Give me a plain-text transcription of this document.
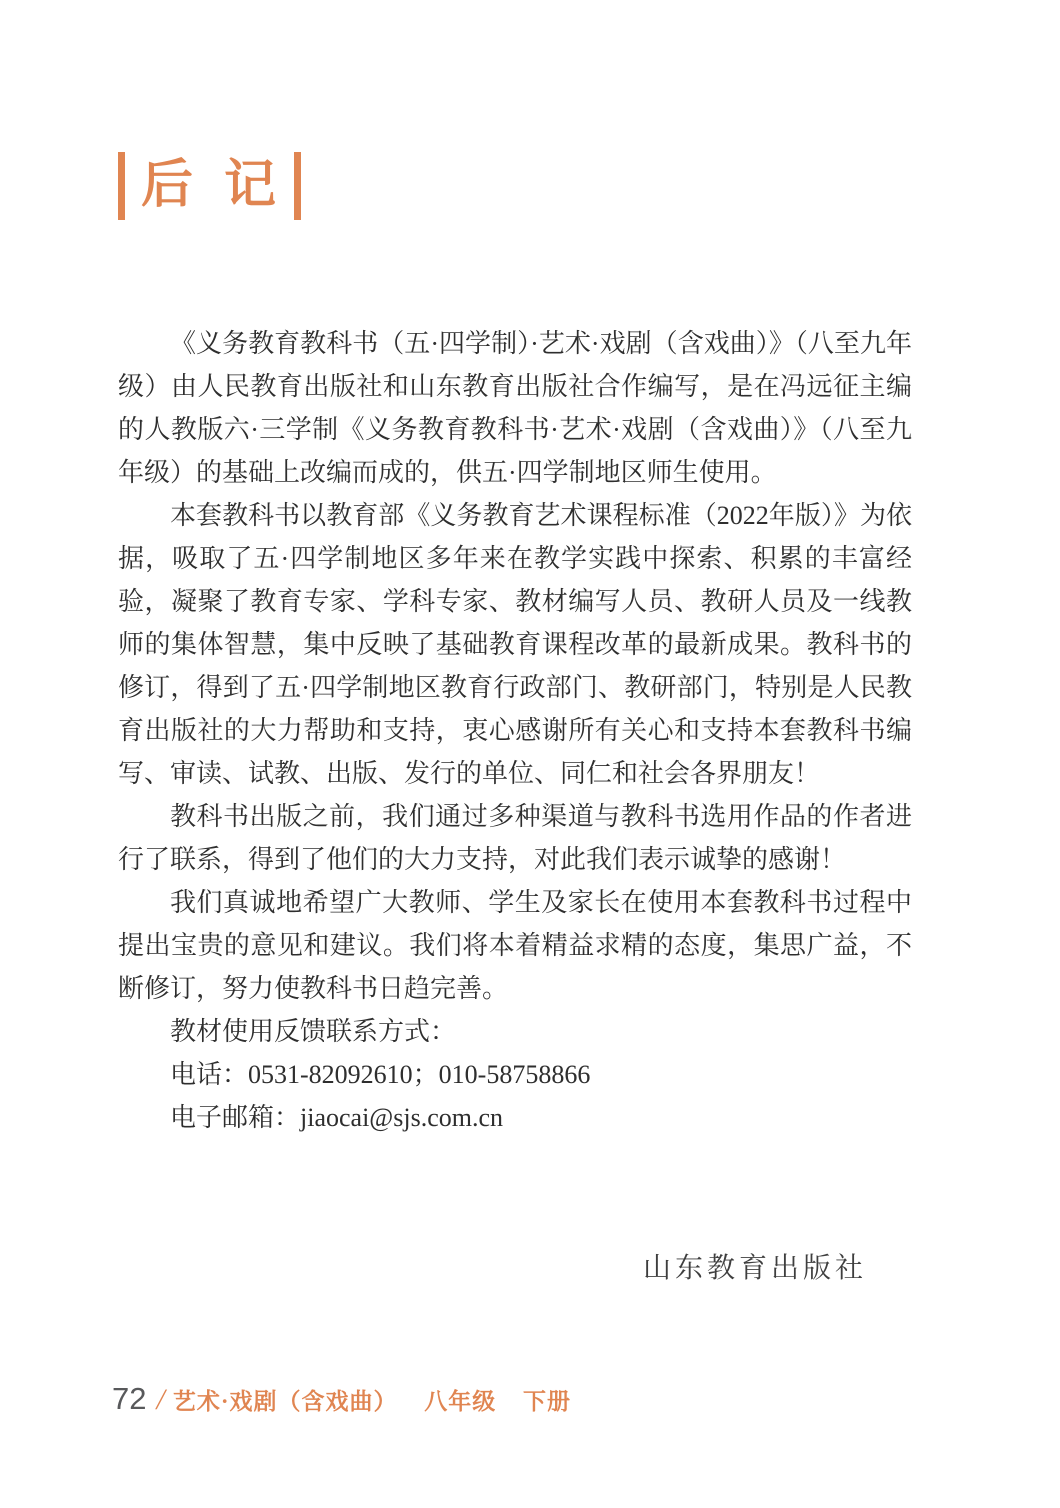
后 记

《义务教育教科书（五·四学制）·艺术·戏剧（含戏曲）》（八至九年级）由人民教育出版社和山东教育出版社合作编写，是在冯远征主编的人教版六·三学制《义务教育教科书·艺术·戏剧（含戏曲）》（八至九年级）的基础上改编而成的，供五·四学制地区师生使用。

本套教科书以教育部《义务教育艺术课程标准（2022年版）》为依据，吸取了五·四学制地区多年来在教学实践中探索、积累的丰富经验，凝聚了教育专家、学科专家、教材编写人员、教研人员及一线教师的集体智慧，集中反映了基础教育课程改革的最新成果。教科书的修订，得到了五·四学制地区教育行政部门、教研部门，特别是人民教育出版社的大力帮助和支持，衷心感谢所有关心和支持本套教科书编写、审读、试教、出版、发行的单位、同仁和社会各界朋友！

教科书出版之前，我们通过多种渠道与教科书选用作品的作者进行了联系，得到了他们的大力支持，对此我们表示诚挚的感谢！

我们真诚地希望广大教师、学生及家长在使用本套教科书过程中提出宝贵的意见和建议。我们将本着精益求精的态度，集思广益，不断修订，努力使教科书日趋完善。

教材使用反馈联系方式：

电话：0531-82092610；010-58758866

电子邮箱：jiaocai@sjs.com.cn

山东教育出版社
72 / 艺术·戏剧（含戏曲） 八年级 下册
